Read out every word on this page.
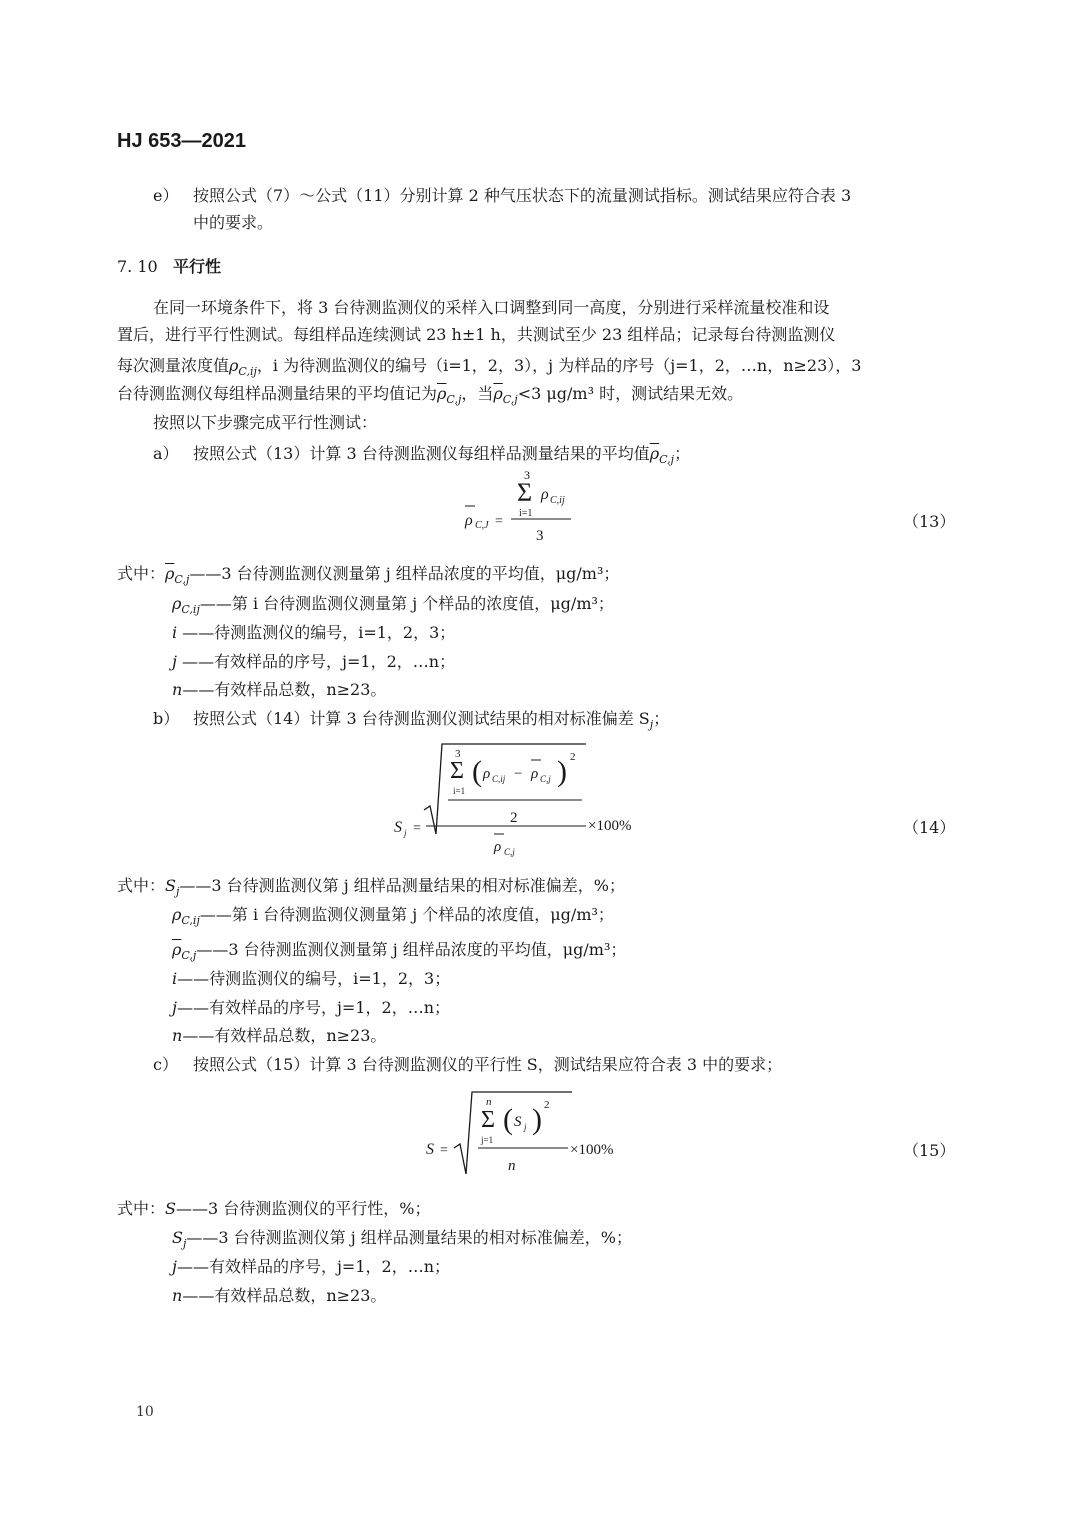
HJ 653—2021
e） 按照公式（7）～公式（11）分别计算 2 种气压状态下的流量测试指标。测试结果应符合表 3
中的要求。
7. 10 平行性
在同一环境条件下，将 3 台待测监测仪的采样入口调整到同一高度，分别进行采样流量校准和设
置后，进行平行性测试。每组样品连续测试 23 h±1 h，共测试至少 23 组样品；记录每台待测监测仪
每次测量浓度值$\rho_{C,ij}$，i 为待测监测仪的编号（i=1，2，3），j 为样品的序号（j=1，2，…n，n≥23），3
台待测监测仪每组样品测量结果的平均值记为$\overline{\rho}_{C,j}$，当$\overline{\rho}_{C,j}<3$ μg/m³ 时，测试结果无效。
按照以下步骤完成平行性测试：
a） 按照公式（13）计算 3 台待测监测仪每组样品测量结果的平均值$\overline{\rho}_{C,j}$；
3
Σ
i=1
ρ C,ij
ρ C,J =
3
（13）
式中：$\overline{\rho}_{C,j}——3$ 台待测监测仪测量第 j 组样品浓度的平均值，μg/m³；
$\rho_{C,ij}——$第 i 台待测监测仪测量第 j 个样品的浓度值，μg/m³；
i ——待测监测仪的编号，i=1，2，3；
j ——有效样品的序号，j=1，2，…n；
n——有效样品总数，n≥23。
b） 按照公式（14）计算 3 台待测监测仪测试结果的相对标准偏差 $S_j$；
3
Σ
i=1
( ρ C,ij − ρ C,j ) 2
2
S j =
ρ C,j
×100%	（14）
式中：$S_j——3$ 台待测监测仪第 j 组样品测量结果的相对标准偏差，%；
$\rho_{C,ij}——$第 i 台待测监测仪测量第 j 个样品的浓度值，μg/m³；
$\overline{\rho}_{C,j}——3$ 台待测监测仪测量第 j 组样品浓度的平均值，μg/m³；
i——待测监测仪的编号，i=1，2，3；
j——有效样品的序号，j=1，2，…n；
n——有效样品总数，n≥23。
c） 按照公式（15）计算 3 台待测监测仪的平行性 S，测试结果应符合表 3 中的要求；
n
Σ
j=1
( S j ) 2
S =
n
×100%	（15）
式中：S——3 台待测监测仪的平行性，%；
$S_j——3$ 台待测监测仪第 j 组样品测量结果的相对标准偏差，%；
j——有效样品的序号，j=1，2，…n；
n——有效样品总数，n≥23。
10
